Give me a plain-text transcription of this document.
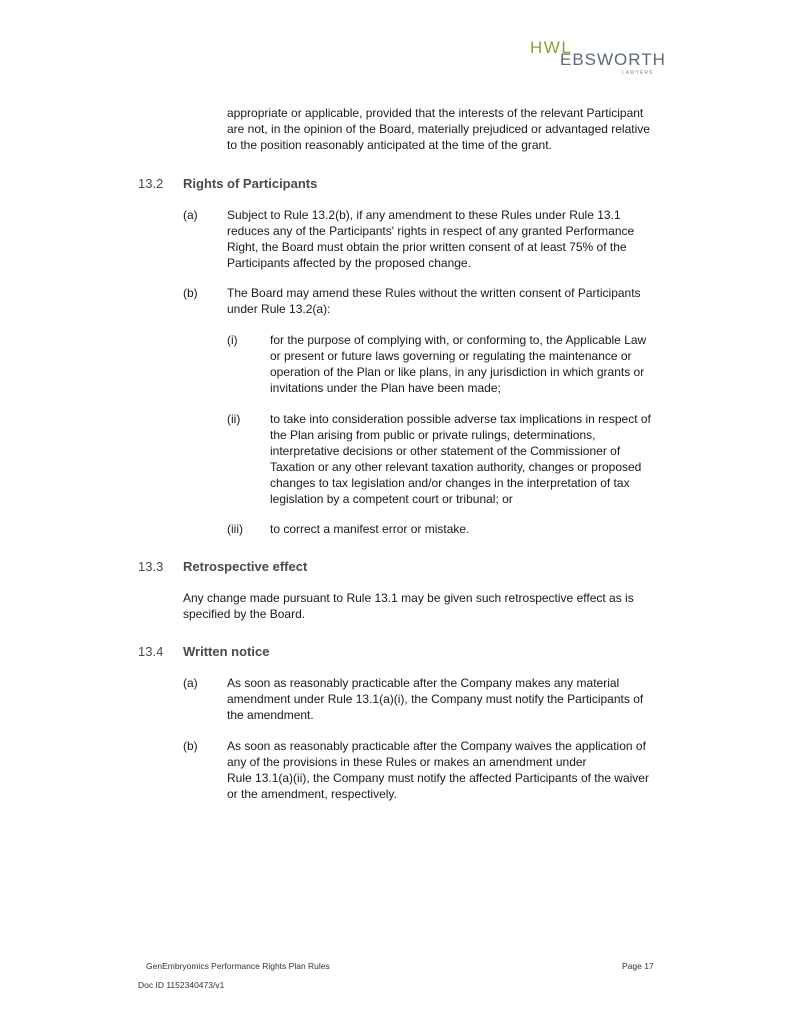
HWL
EBSWORTH
LAWYERS
appropriate or applicable, provided that the interests of the relevant Participant
are not, in the opinion of the Board, materially prejudiced or advantaged relative
to the position reasonably anticipated at the time of the grant.
13.2 Rights of Participants
(a) Subject to Rule 13.2(b), if any amendment to these Rules under Rule 13.1
reduces any of the Participants' rights in respect of any granted Performance
Right, the Board must obtain the prior written consent of at least 75% of the
Participants affected by the proposed change.
(b) The Board may amend these Rules without the written consent of Participants
under Rule 13.2(a):
(i)	for the purpose of complying with, or conforming to, the Applicable Law
or present or future laws governing or regulating the maintenance or
operation of the Plan or like plans, in any jurisdiction in which grants or
invitations under the Plan have been made;
(ii) to take into consideration possible adverse tax implications in respect of
the Plan arising from public or private rulings, determinations,
interpretative decisions or other statement of the Commissioner of
Taxation or any other relevant taxation authority, changes or proposed
changes to tax legislation and/or changes in the interpretation of tax
legislation by a competent court or tribunal; or
(iii) to correct a manifest error or mistake.
13.3 Retrospective effect
Any change made pursuant to Rule 13.1 may be given such retrospective effect as is
specified by the Board.
13.4 Written notice
(a) As soon as reasonably practicable after the Company makes any material
amendment under Rule 13.1(a)(i), the Company must notify the Participants of
the amendment.
(b) As soon as reasonably practicable after the Company waives the application of
any of the provisions in these Rules or makes an amendment under
Rule 13.1(a)(ii), the Company must notify the affected Participants of the waiver
or the amendment, respectively.
GenEmbryomics Performance Rights Plan Rules	Page 17
Doc ID 1152340473/v1
